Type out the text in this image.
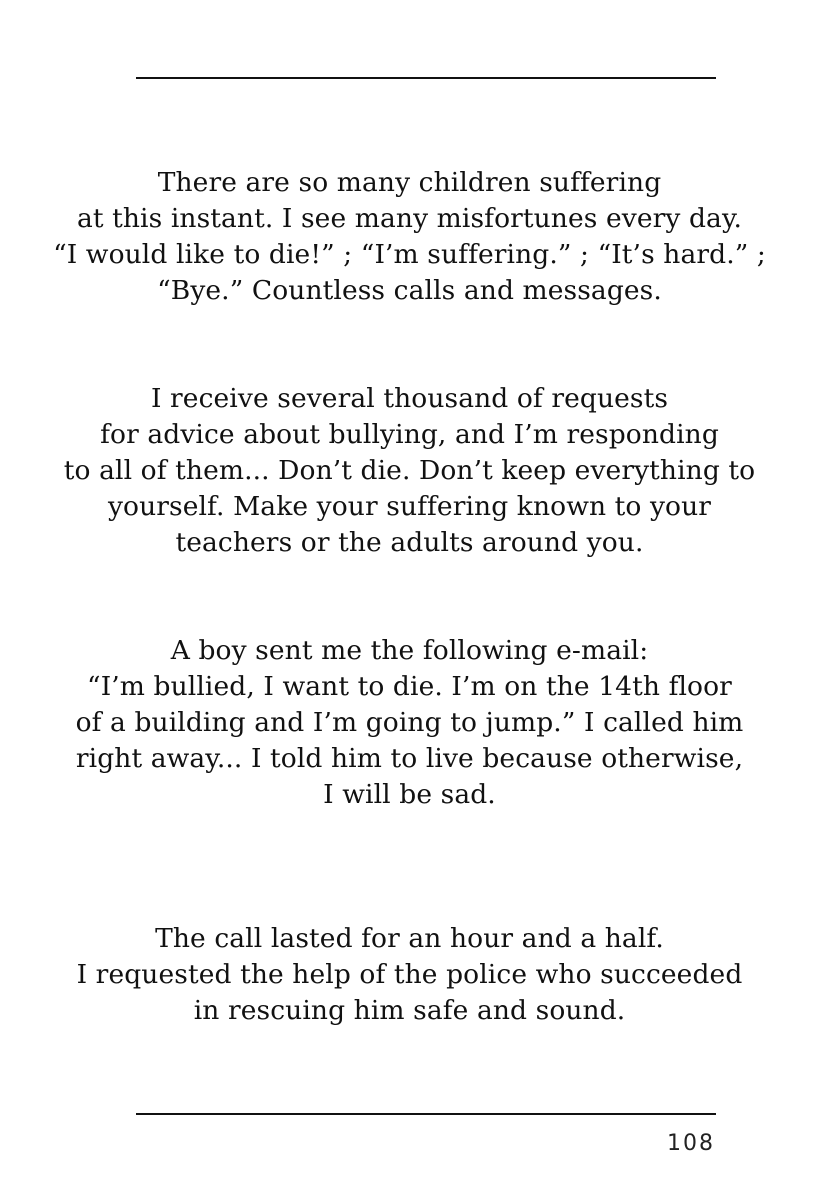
There are so many children suffering
at this instant. I see many misfortunes every day.
“I would like to die!” ; “I’m suffering.” ; “It’s hard.” ;
“Bye.” Countless calls and messages.
I receive several thousand of requests
for advice about bullying, and I’m responding
to all of them... Don’t die. Don’t keep everything to
yourself. Make your suffering known to your
teachers or the adults around you.
A boy sent me the following e-mail:
“I’m bullied, I want to die. I’m on the 14th floor
of a building and I’m going to jump.” I called him
right away... I told him to live because otherwise,
I will be sad.
The call lasted for an hour and a half.
I requested the help of the police who succeeded
in rescuing him safe and sound.
108
